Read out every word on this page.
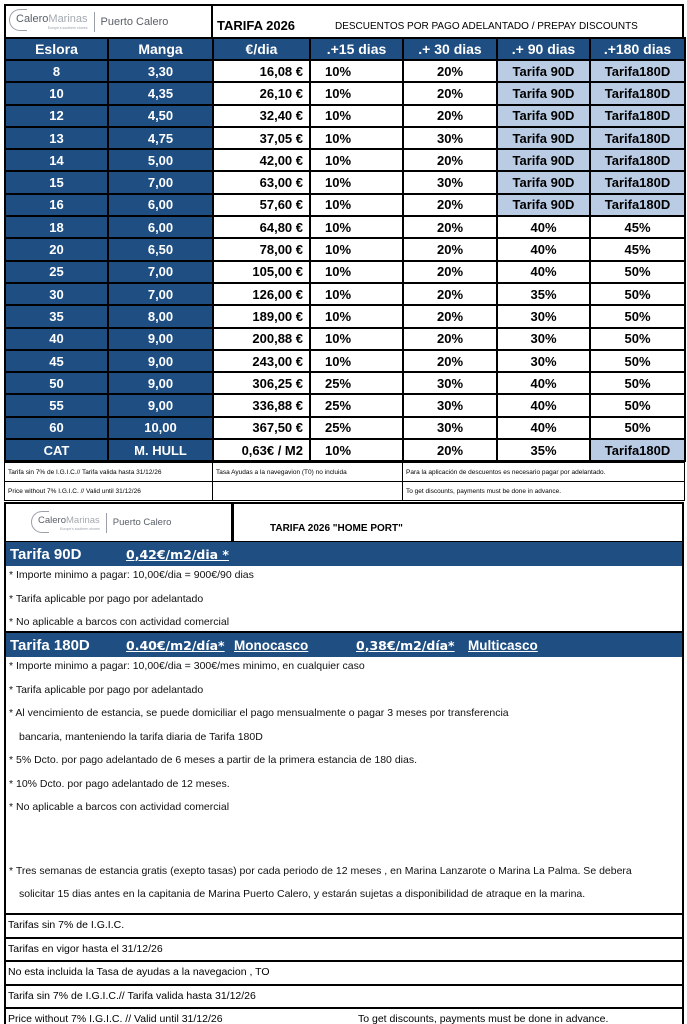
CaleroMarinas
Europe's southern shores
Puerto Calero	TARIFA 2026	DESCUENTOS POR PAGO ADELANTADO / PREPAY DISCOUNTS
Eslora	Manga	€/dia	.+15 dias	.+ 30 dias	.+ 90 dias	.+180 dias
8	3,30	16,08 €	10%	20%	Tarifa 90D	Tarifa180D
10	4,35	26,10 €	10%	20%	Tarifa 90D	Tarifa180D
12	4,50	32,40 €	10%	20%	Tarifa 90D	Tarifa180D
13	4,75	37,05 €	10%	30%	Tarifa 90D	Tarifa180D
14	5,00	42,00 €	10%	20%	Tarifa 90D	Tarifa180D
15	7,00	63,00 €	10%	30%	Tarifa 90D	Tarifa180D
16	6,00	57,60 €	10%	20%	Tarifa 90D	Tarifa180D
18	6,00	64,80 €	10%	20%	40%	45%
20	6,50	78,00 €	10%	20%	40%	45%
25	7,00	105,00 €	10%	20%	40%	50%
30	7,00	126,00 €	10%	20%	35%	50%
35	8,00	189,00 €	10%	20%	30%	50%
40	9,00	200,88 €	10%	20%	30%	50%
45	9,00	243,00 €	10%	20%	30%	50%
50	9,00	306,25 €	25%	30%	40%	50%
55	9,00	336,88 €	25%	30%	40%	50%
60	10,00	367,50 €	25%	30%	40%	50%
CAT	M. HULL	0,63€ / M2	10%	20%	35%	Tarifa180D
Tarifa sin 7% de I.G.I.C.// Tarifa valida hasta 31/12/26	Tasa Ayudas a la navegavion (T0) no incluida	Para la aplicación de descuentos es necesario pagar por adelantado.
Price without 7% I.G.I.C. // Valid until 31/12/26		To get discounts, payments must be done in advance.
CaleroMarinas
Europe's southern shores
Puerto Calero
TARIFA 2026 "HOME PORT"
Tarifa 90D	0,42€/m2/dia *
* Importe minimo a pagar: 10,00€/dia = 900€/90 dias
* Tarifa aplicable por pago por adelantado
* No aplicable a barcos con actividad comercial
Tarifa 180D	0.40€/m2/día* Monocasco	0,38€/m2/día* Multicasco
* Importe minimo a pagar: 10,00€/dia = 300€/mes minimo, en cualquier caso
* Tarifa aplicable por pago por adelantado
* Al vencimiento de estancia, se puede domiciliar el pago mensualmente o pagar 3 meses por transferencia
bancaria, manteniendo la tarifa diaria de Tarifa 180D
* 5% Dcto. por pago adelantado de 6 meses a partir de la primera estancia de 180 dias.
* 10% Dcto. por pago adelantado de 12 meses.
* No aplicable a barcos con actividad comercial
* Tres semanas de estancia gratis (exepto tasas) por cada periodo de 12 meses , en Marina Lanzarote o Marina La Palma. Se debera
solicitar 15 dias antes en la capitania de Marina Puerto Calero, y estarán sujetas a disponibilidad de atraque en la marina.
Tarifas sin 7% de I.G.I.C.
Tarifas en vigor hasta el 31/12/26
No esta incluida la Tasa de ayudas a la navegacion , TO
Tarifa sin 7% de I.G.I.C.// Tarifa valida hasta 31/12/26
Price without 7% I.G.I.C. // Valid until 31/12/26	To get discounts, payments must be done in advance.
